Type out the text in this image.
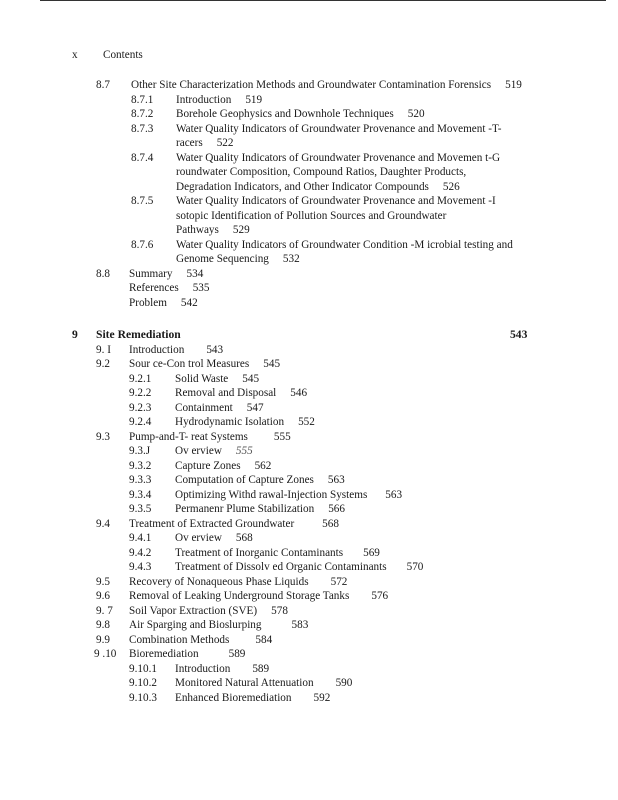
x Contents
8.7	Other Site Characterization Methods and Groundwater Contamination Forensics 519
8.7.1	Introduction 519
8.7.2	Borehole Geophysics and Downhole Techniques 520
8.7.3	Water Quality Indicators of Groundwater Provenance and Movement -T- racers 522
8.7.4	Water Quality Indicators of Groundwater Provenance and Movemen t-G roundwater Composition, Compound Ratios, Daughter Products, Degradation Indicators, and Other Indicator Compounds 526
8.7.5	Water Quality Indicators of Groundwater Provenance and Movement -I sotopic Identification of Pollution Sources and Groundwater Pathways 529
8.7.6	Water Quality Indicators of Groundwater Condition -M icrobial testing and Genome Sequencing 532
8.8	Summary 534
References 535
Problem 542
9	Site Remediation	543
9. I	Introduction 543
9.2	Sour ce-Con trol Measures 545
9.2.1	Solid Waste 545
9.2.2	Removal and Disposal 546
9.2.3	Containment 547
9.2.4	Hydrodynamic Isolation 552
9.3	Pump-and-T- reat Systems 555
9.3.J	Ov erview 555
9.3.2	Capture Zones 562
9.3.3	Computation of Capture Zones 563
9.3.4	Optimizing Withd rawal-Injection Systems 563
9.3.5	Permanenr Plume Stabilization 566
9.4	Treatment of Extracted Groundwater	568
9.4.1	Ov erview 568
9.4.2	Treatment of Inorganic Contaminants 569
9.4.3	Treatment of Dissolv ed Organic Contaminants 570
9.5	Recovery of Nonaqueous Phase Liquids 572
9.6	Removal of Leaking Underground Storage Tanks 576
9. 7	Soil Vapor Extraction (SVE) 578
9.8	Air Sparging and Bioslurping	583
9.9	Combination Methods 584
9 .10	Bioremediation	589
9.10.1	Introduction 589
9.10.2	Monitored Natural Attenuation 590
9.10.3	Enhanced Bioremediation 592
